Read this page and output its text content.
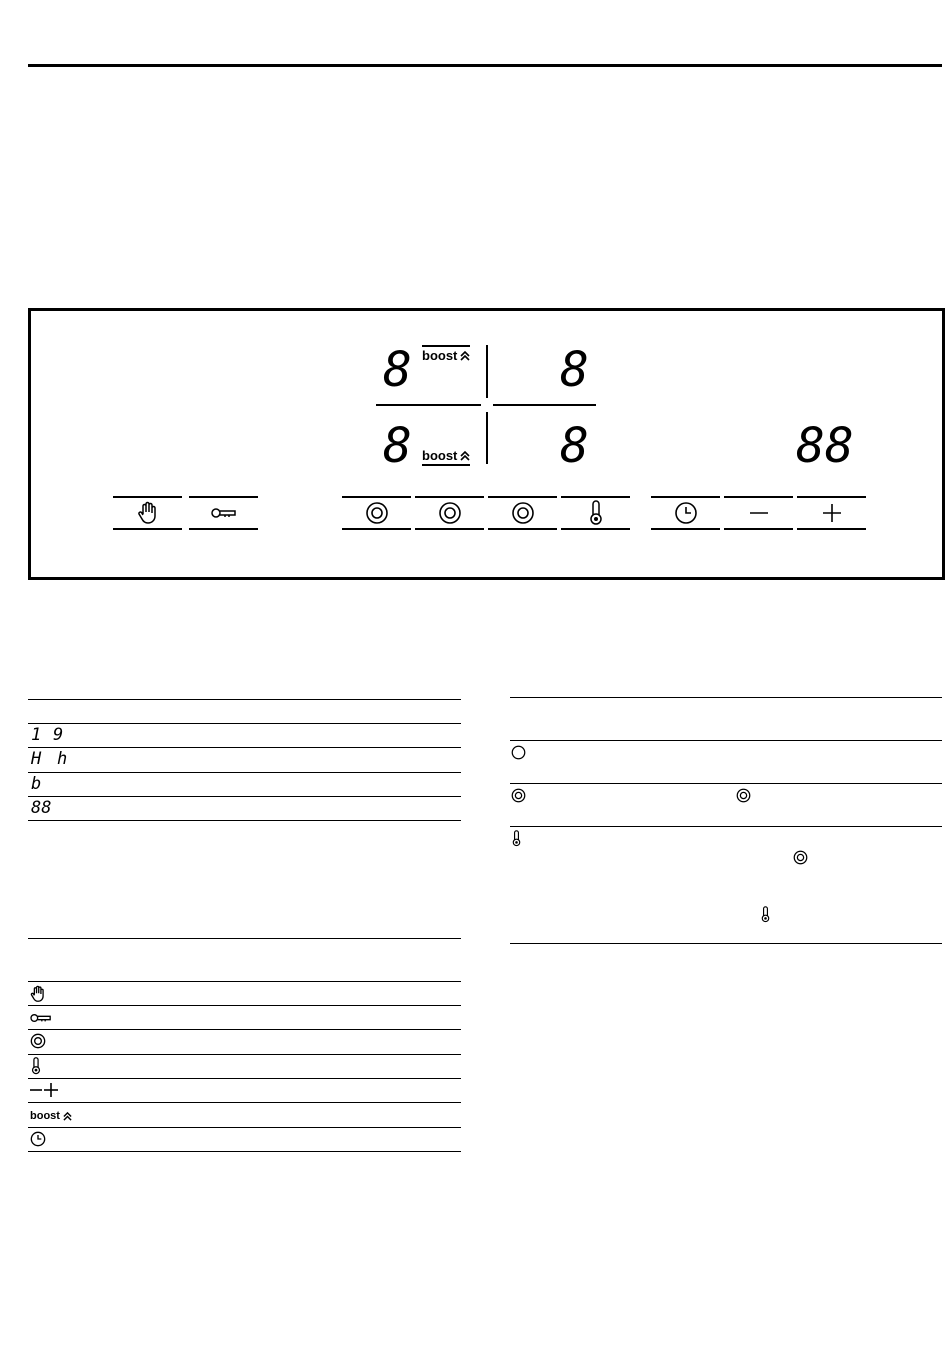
8 boost 8
8 boost 8	88
1 9
H h
b
88
boost
